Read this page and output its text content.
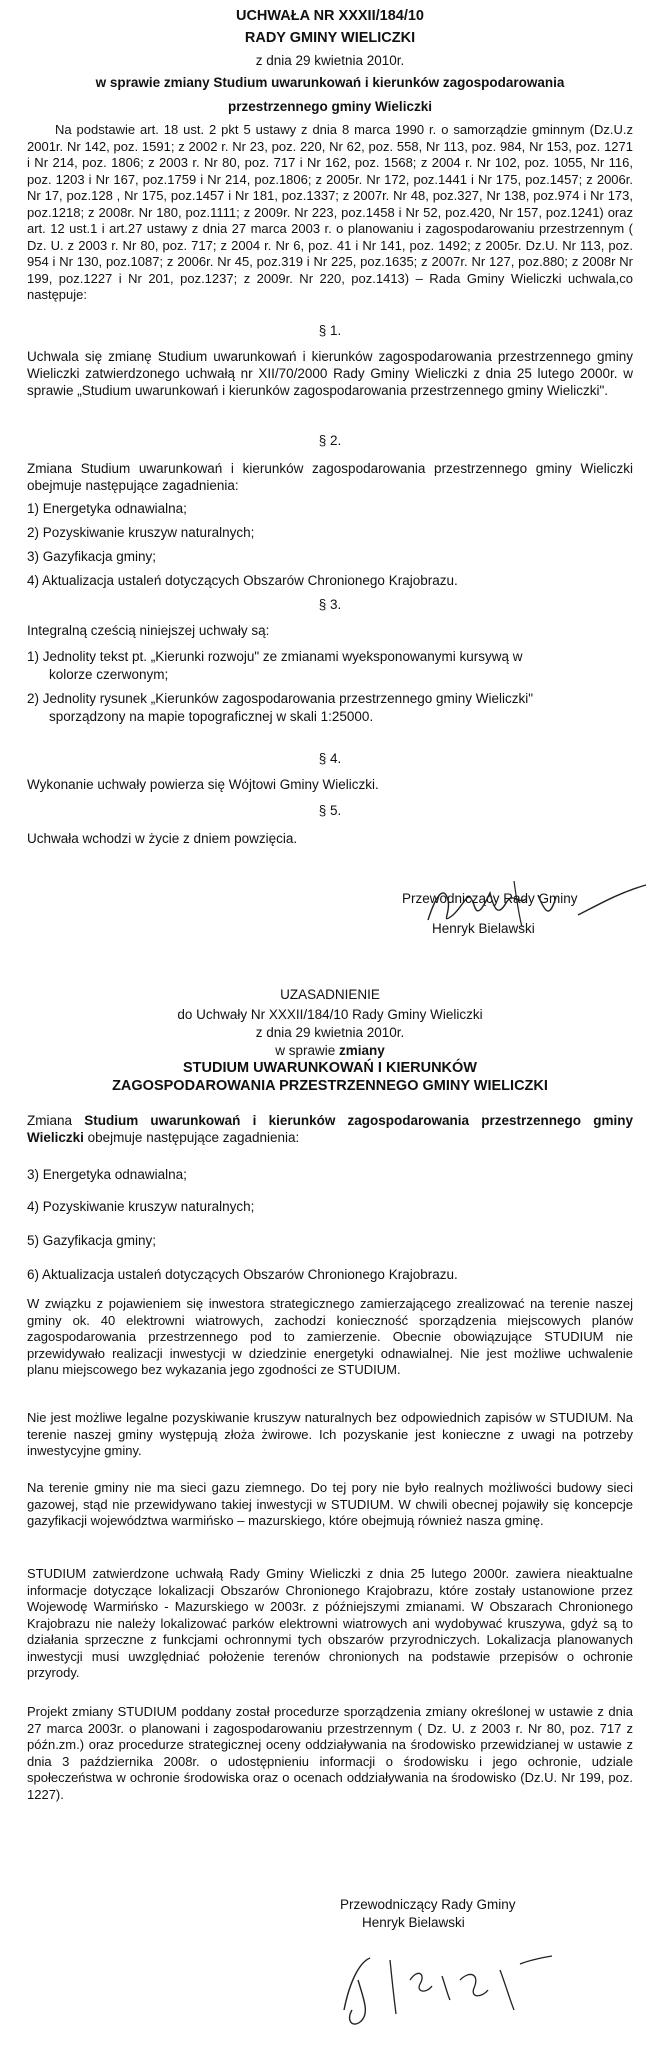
UCHWAŁA NR XXXII/184/10
RADY GMINY WIELICZKI
z dnia 29 kwietnia 2010r.
w sprawie zmiany Studium uwarunkowań i kierunków zagospodarowania
przestrzennego gminy Wieliczki
Na podstawie art. 18 ust. 2 pkt 5 ustawy z dnia 8 marca 1990 r. o samorządzie gminnym (Dz.U.z 2001r. Nr 142, poz. 1591; z 2002 r. Nr 23, poz. 220, Nr 62, poz. 558, Nr 113, poz. 984, Nr 153, poz. 1271 i Nr 214, poz. 1806; z 2003 r. Nr 80, poz. 717 i Nr 162, poz. 1568; z 2004 r. Nr 102, poz. 1055, Nr 116, poz. 1203 i Nr 167, poz.1759 i Nr 214, poz.1806; z 2005r. Nr 172, poz.1441 i Nr 175, poz.1457; z 2006r. Nr 17, poz.128 , Nr 175, poz.1457 i Nr 181, poz.1337; z 2007r. Nr 48, poz.327, Nr 138, poz.974 i Nr 173, poz.1218; z 2008r. Nr 180, poz.1111; z 2009r. Nr 223, poz.1458 i Nr 52, poz.420, Nr 157, poz.1241) oraz art. 12 ust.1 i art.27 ustawy z dnia 27 marca 2003 r. o planowaniu i zagospodarowaniu przestrzennym ( Dz. U. z 2003 r. Nr 80, poz. 717; z 2004 r. Nr 6, poz. 41 i Nr 141, poz. 1492; z 2005r. Dz.U. Nr 113, poz. 954 i Nr 130, poz.1087; z 2006r. Nr 45, poz.319 i Nr 225, poz.1635; z 2007r. Nr 127, poz.880; z 2008r Nr 199, poz.1227 i Nr 201, poz.1237; z 2009r. Nr 220, poz.1413) – Rada Gminy Wieliczki uchwala,co następuje:
§ 1.
Uchwala się zmianę Studium uwarunkowań i kierunków zagospodarowania przestrzennego gminy Wieliczki zatwierdzonego uchwałą nr XII/70/2000 Rady Gminy Wieliczki z dnia 25 lutego 2000r. w sprawie „Studium uwarunkowań i kierunków zagospodarowania przestrzennego gminy Wieliczki".
§ 2.
Zmiana Studium uwarunkowań i kierunków zagospodarowania przestrzennego gminy Wieliczki obejmuje następujące zagadnienia:
1) Energetyka odnawialna;
2) Pozyskiwanie kruszyw naturalnych;
3) Gazyfikacja gminy;
4) Aktualizacja ustaleń dotyczących Obszarów Chronionego Krajobrazu.
§ 3.
Integralną cześcią niniejszej uchwały są:
1) Jednolity tekst pt. „Kierunki rozwoju" ze zmianami wyeksponowanymi kursywą w
kolorze czerwonym;
2) Jednolity rysunek „Kierunków zagospodarowania przestrzennego gminy Wieliczki"
sporządzony na mapie topograficznej w skali 1:25000.
§ 4.
Wykonanie uchwały powierza się Wójtowi Gminy Wieliczki.
§ 5.
Uchwała wchodzi w życie z dniem powzięcia.
Przewodniczący Rady Gminy
Henryk Bielawski
UZASADNIENIE
do Uchwały Nr XXXII/184/10 Rady Gminy Wieliczki
z dnia 29 kwietnia 2010r.
w sprawie zmiany
STUDIUM UWARUNKOWAŃ I KIERUNKÓW
ZAGOSPODAROWANIA PRZESTRZENNEGO GMINY WIELICZKI
Zmiana Studium uwarunkowań i kierunków zagospodarowania przestrzennego gminy Wieliczki obejmuje następujące zagadnienia:
3) Energetyka odnawialna;
4) Pozyskiwanie kruszyw naturalnych;
5) Gazyfikacja gminy;
6) Aktualizacja ustaleń dotyczących Obszarów Chronionego Krajobrazu.
W związku z pojawieniem się inwestora strategicznego zamierzającego zrealizować na terenie naszej gminy ok. 40 elektrowni wiatrowych, zachodzi konieczność sporządzenia miejscowych planów zagospodarowania przestrzennego pod to zamierzenie. Obecnie obowiązujące STUDIUM nie przewidywało realizacji inwestycji w dziedzinie energetyki odnawialnej. Nie jest możliwe uchwalenie planu miejscowego bez wykazania jego zgodności ze STUDIUM.
Nie jest możliwe legalne pozyskiwanie kruszyw naturalnych bez odpowiednich zapisów w STUDIUM. Na terenie naszej gminy występują złoża żwirowe. Ich pozyskanie jest konieczne z uwagi na potrzeby inwestycyjne gminy.
Na terenie gminy nie ma sieci gazu ziemnego. Do tej pory nie było realnych możliwości budowy sieci gazowej, stąd nie przewidywano takiej inwestycji w STUDIUM. W chwili obecnej pojawiły się koncepcje gazyfikacji województwa warmińsko – mazurskiego, które obejmują również nasza gminę.
STUDIUM zatwierdzone uchwałą Rady Gminy Wieliczki z dnia 25 lutego 2000r. zawiera nieaktualne informacje dotyczące lokalizacji Obszarów Chronionego Krajobrazu, które zostały ustanowione przez Wojewodę Warmińsko - Mazurskiego w 2003r. z późniejszymi zmianami. W Obszarach Chronionego Krajobrazu nie należy lokalizować parków elektrowni wiatrowych ani wydobywać kruszywa, gdyż są to działania sprzeczne z funkcjami ochronnymi tych obszarów przyrodniczych. Lokalizacja planowanych inwestycji musi uwzględniać położenie terenów chronionych na podstawie przepisów o ochronie przyrody.
Projekt zmiany STUDIUM poddany został procedurze sporządzenia zmiany określonej w ustawie z dnia 27 marca 2003r. o planowani i zagospodarowaniu przestrzennym ( Dz. U. z 2003 r. Nr 80, poz. 717 z późn.zm.) oraz procedurze strategicznej oceny oddziaływania na środowisko przewidzianej w ustawie z dnia 3 października 2008r. o udostępnieniu informacji o środowisku i jego ochronie, udziale społeczeństwa w ochronie środowiska oraz o ocenach oddziaływania na środowisko (Dz.U. Nr 199, poz. 1227).
Przewodniczący Rady Gminy
Henryk Bielawski
